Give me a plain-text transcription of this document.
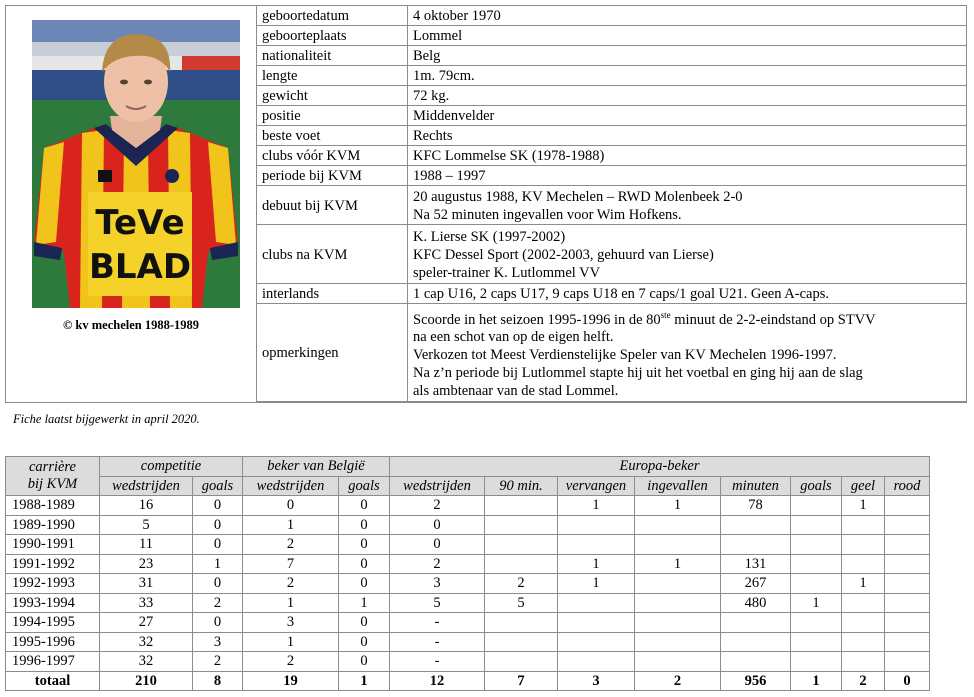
TeVe
BLAD
© kv mechelen 1988-1989
geboortedatum	4 oktober 1970

geboorteplaats	Lommel

nationaliteit	Belg

lengte	1m. 79cm.

gewicht	72 kg.

positie	Middenvelder

beste voet	Rechts

clubs vóór KVM	KFC Lommelse SK (1978-1988)

periode bij KVM	1988 – 1997

debuut bij KVM	20 augustus 1988, KV Mechelen – RWD Molenbeek 2-0
Na 52 minuten ingevallen voor Wim Hofkens.

clubs na KVM	K. Lierse SK (1997-2002)
KFC Dessel Sport (2002-2003, gehuurd van Lierse)
speler-trainer K. Lutlommel VV

interlands	1 cap U16, 2 caps U17, 9 caps U18 en 7 caps/1 goal U21. Geen A-caps.

opmerkingen	Scoorde in het seizoen 1995-1996 in de 80ste minuut de 2-2-eindstand op STVV
na een schot van op de eigen helft.
Verkozen tot Meest Verdienstelijke Speler van KV Mechelen 1996-1997.
Na z’n periode bij Lutlommel stapte hij uit het voetbal en ging hij aan de slag
als ambtenaar van de stad Lommel.
Fiche laatst bijgewerkt in april 2020.
carrière
bij KVM	competitie		beker van België		Europa-beker							
	wedstrijden	goals	wedstrijden	goals	wedstrijden	90 min.	vervangen	ingevallen	minuten	goals	geel	rood
1988-1989	16	0	0	0	2		1	1	78		1	
1989-1990	5	0	1	0	0							
1990-1991	11	0	2	0	0							
1991-1992	23	1	7	0	2		1	1	131			
1992-1993	31	0	2	0	3	2	1		267		1	
1993-1994	33	2	1	1	5	5			480	1		
1994-1995	27	0	3	0	-							
1995-1996	32	3	1	0	-							
1996-1997	32	2	2	0	-							
totaal	210	8	19	1	12	7	3	2	956	1	2	0
